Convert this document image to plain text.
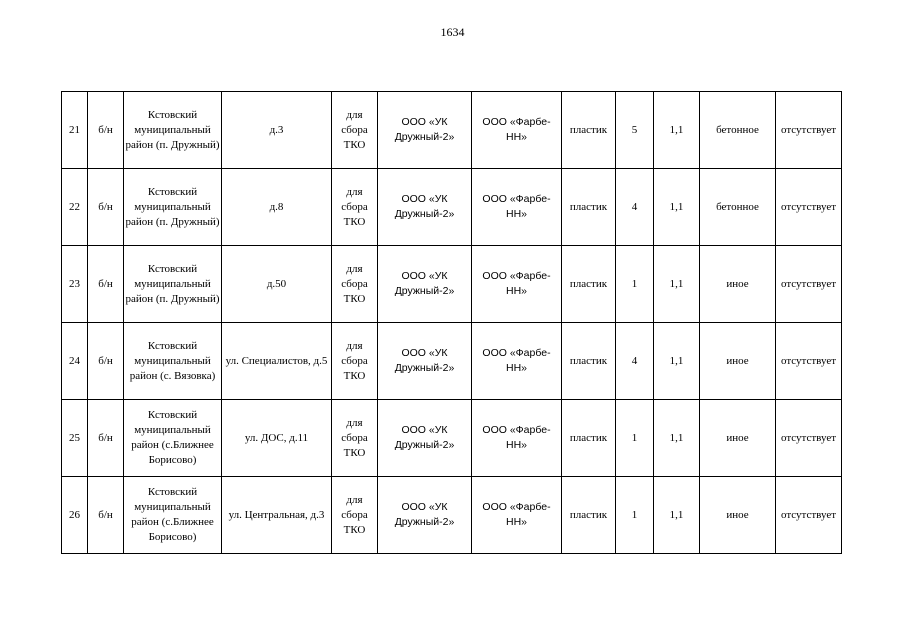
1634
21	б/н	Кстовский муниципальный район (п. Дружный)	д.3	для сбора ТКО	ООО «УК Дружный-2»	ООО «Фарбе-НН»	пластик	5	1,1	бетонное	отсутствует
22	б/н	Кстовский муниципальный район (п. Дружный)	д.8	для сбора ТКО	ООО «УК Дружный-2»	ООО «Фарбе-НН»	пластик	4	1,1	бетонное	отсутствует
23	б/н	Кстовский муниципальный район (п. Дружный)	д.50	для сбора ТКО	ООО «УК Дружный-2»	ООО «Фарбе-НН»	пластик	1	1,1	иное	отсутствует
24	б/н	Кстовский муниципальный район (с. Вязовка)	ул. Специалистов, д.5	для сбора ТКО	ООО «УК Дружный-2»	ООО «Фарбе-НН»	пластик	4	1,1	иное	отсутствует
25	б/н	Кстовский муниципальный район (с.Ближнее Борисово)	ул. ДОС, д.11	для сбора ТКО	ООО «УК Дружный-2»	ООО «Фарбе-НН»	пластик	1	1,1	иное	отсутствует
26	б/н	Кстовский муниципальный район (с.Ближнее Борисово)	ул. Центральная, д.3	для сбора ТКО	ООО «УК Дружный-2»	ООО «Фарбе-НН»	пластик	1	1,1	иное	отсутствует
